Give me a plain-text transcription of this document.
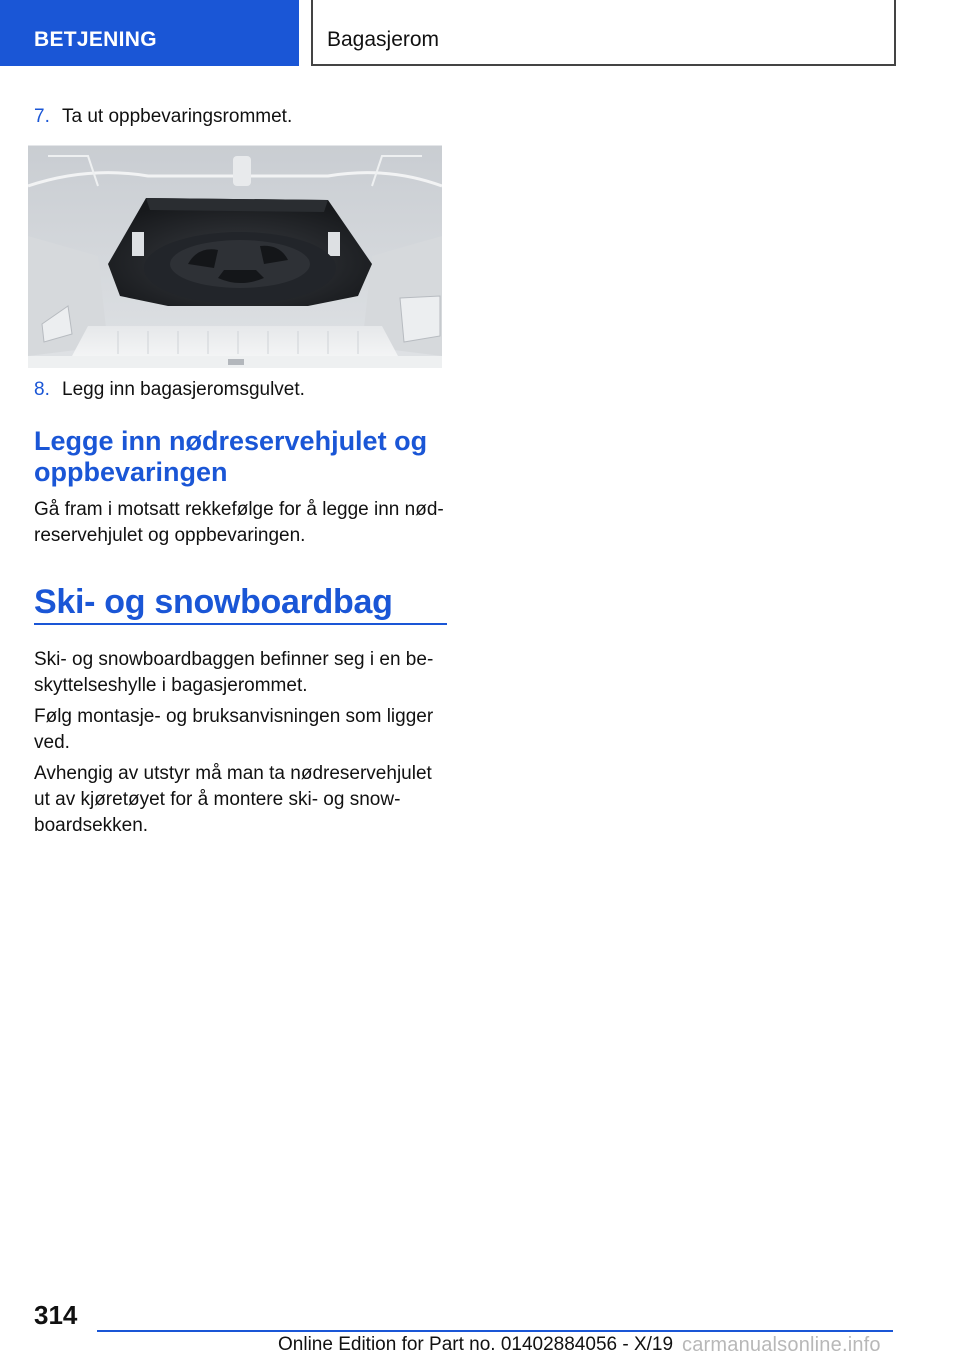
BETJENING	Bagasjerom
7. Ta ut oppbevaringsrommet.
8. Legg inn bagasjeromsgulvet.
Legge inn nødreservehjulet og
oppbevaringen

Gå fram i motsatt rekkefølge for å legge inn nød-
reservehjulet og oppbevaringen.

Ski- og snowboardbag

Ski- og snowboardbaggen befinner seg i en be-
skyttelseshylle i bagasjerommet.

Følg montasje- og bruksanvisningen som ligger
ved.

Avhengig av utstyr må man ta nødreservehjulet
ut av kjøretøyet for å montere ski- og snow-
boardsekken.

314
Online Edition for Part no. 01402884056 - X/19 carmanualsonline.info
